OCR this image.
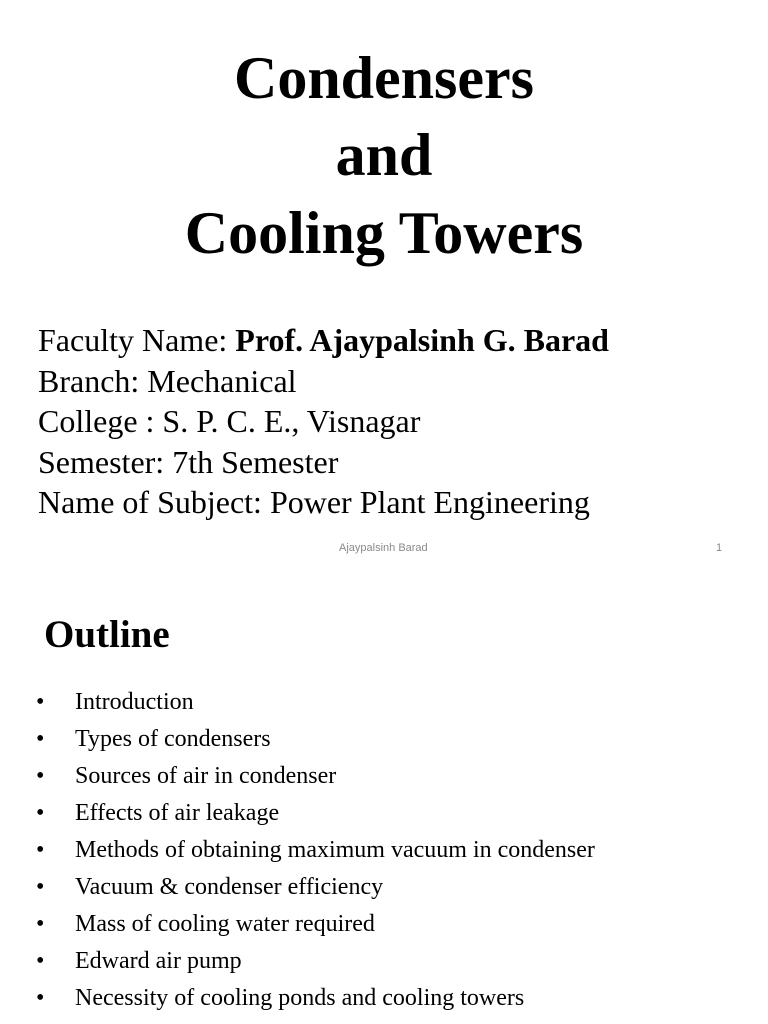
Condensers
and
Cooling Towers
Faculty Name: Prof. Ajaypalsinh G. Barad
Branch: Mechanical
College : S. P. C. E., Visnagar
Semester: 7th Semester
Name of Subject: Power Plant Engineering
Ajaypalsinh Barad	1
Outline
• Introduction
• Types of condensers
• Sources of air in condenser
• Effects of air leakage
• Methods of obtaining maximum vacuum in condenser
• Vacuum & condenser efficiency
• Mass of cooling water required
• Edward air pump
• Necessity of cooling ponds and cooling towers
